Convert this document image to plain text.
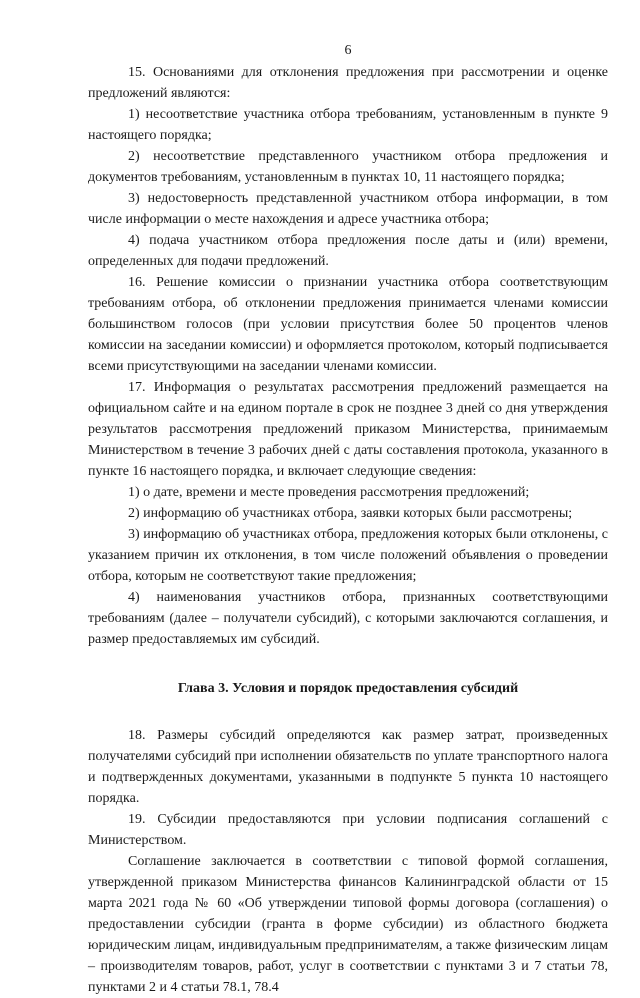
6

15. Основаниями для отклонения предложения при рассмотрении и оценке предложений являются:

1) несоответствие участника отбора требованиям, установленным в пункте 9 настоящего порядка;

2) несоответствие представленного участником отбора предложения и документов требованиям, установленным в пунктах 10, 11 настоящего порядка;

3) недостоверность представленной участником отбора информации, в том числе информации о месте нахождения и адресе участника отбора;

4) подача участником отбора предложения после даты и (или) времени, определенных для подачи предложений.

16. Решение комиссии о признании участника отбора соответствующим требованиям отбора, об отклонении предложения принимается членами комиссии большинством голосов (при условии присутствия более 50 процентов членов комиссии на заседании комиссии) и оформляется протоколом, который подписывается всеми присутствующими на заседании членами комиссии.

17. Информация о результатах рассмотрения предложений размещается на официальном сайте и на едином портале в срок не позднее 3 дней со дня утверждения результатов рассмотрения предложений приказом Министерства, принимаемым Министерством в течение 3 рабочих дней с даты составления протокола, указанного в пункте 16 настоящего порядка, и включает следующие сведения:

1) о дате, времени и месте проведения рассмотрения предложений;

2) информацию об участниках отбора, заявки которых были рассмотрены;

3) информацию об участниках отбора, предложения которых были отклонены, с указанием причин их отклонения, в том числе положений объявления о проведении отбора, которым не соответствуют такие предложения;

4) наименования участников отбора, признанных соответствующими требованиям (далее – получатели субсидий), с которыми заключаются соглашения, и размер предоставляемых им субсидий.

Глава 3. Условия и порядок предоставления субсидий

18. Размеры субсидий определяются как размер затрат, произведенных получателями субсидий при исполнении обязательств по уплате транспортного налога и подтвержденных документами, указанными в подпункте 5 пункта 10 настоящего порядка.

19. Субсидии предоставляются при условии подписания соглашений с Министерством.

Соглашение заключается в соответствии с типовой формой соглашения, утвержденной приказом Министерства финансов Калининградской области от 15 марта 2021 года № 60 «Об утверждении типовой формы договора (соглашения) о предоставлении субсидии (гранта в форме субсидии) из областного бюджета юридическим лицам, индивидуальным предпринимателям, а также физическим лицам – производителям товаров, работ, услуг в соответствии с пунктами 3 и 7 статьи 78, пунктами 2 и 4 статьи 78.1, 78.4
